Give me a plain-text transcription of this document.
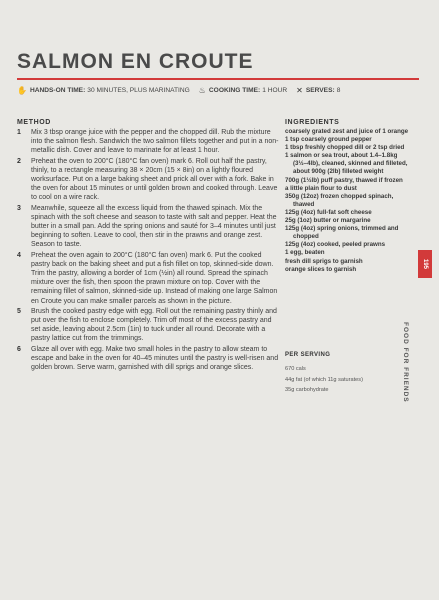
SALMON EN CROUTE
✋ HANDS-ON TIME: 30 MINUTES, PLUS MARINATING ♨ COOKING TIME: 1 HOUR ✕ SERVES: 8
METHOD
1 Mix 3 tbsp orange juice with the pepper and the chopped dill. Rub the mixture into the salmon flesh. Sandwich the two salmon fillets together and put in a non-metallic dish. Cover and leave to marinate for at least 1 hour.
2 Preheat the oven to 200°C (180°C fan oven) mark 6. Roll out half the pastry, thinly, to a rectangle measuring 38 × 20cm (15 × 8in) on a lightly floured worksurface. Put on a large baking sheet and prick all over with a fork. Bake in the oven for about 15 minutes or until golden brown and cooked through. Leave to cool on a wire rack.
3 Meanwhile, squeeze all the excess liquid from the thawed spinach. Mix the spinach with the soft cheese and season to taste with salt and pepper. Heat the butter in a small pan. Add the spring onions and sauté for 3–4 minutes until just beginning to soften. Leave to cool, then stir in the prawns and orange zest. Season to taste.
4 Preheat the oven again to 200°C (180°C fan oven) mark 6. Put the cooked pastry back on the baking sheet and put a fish fillet on top, skinned-side down. Trim the pastry, allowing a border of 1cm (½in) all round. Spread the spinach mixture over the fish, then spoon the prawn mixture on top. Cover with the remaining fillet of salmon, skinned-side up. Instead of making one large Salmon en Croute you can make smaller parcels as shown in the picture.
5 Brush the cooked pastry edge with egg. Roll out the remaining pastry thinly and put over the fish to enclose completely. Trim off most of the excess pastry and set aside, leaving about 2.5cm (1in) to tuck under all round. Decorate with a pastry lattice cut from the trimmings.
6 Glaze all over with egg. Make two small holes in the pastry to allow steam to escape and bake in the oven for 40–45 minutes until the pastry is well-risen and golden brown. Serve warm, garnished with dill sprigs and orange slices.
INGREDIENTS
coarsely grated zest and juice of 1 orange
1 tsp coarsely ground pepper
1 tbsp freshly chopped dill or 2 tsp dried
1 salmon or sea trout, about 1.4–1.8kg (3½–4lb), cleaned, skinned and filleted, about 900g (2lb) filleted weight
700g (1½lb) puff pastry, thawed if frozen
a little plain flour to dust
350g (12oz) frozen chopped spinach, thawed
125g (4oz) full-fat soft cheese
25g (1oz) butter or margarine
125g (4oz) spring onions, trimmed and chopped
125g (4oz) cooked, peeled prawns
1 egg, beaten
fresh dill sprigs to garnish
orange slices to garnish
PER SERVING
670 cals
44g fat (of which 11g saturates)
35g carbohydrate
195
FOOD FOR FRIENDS
